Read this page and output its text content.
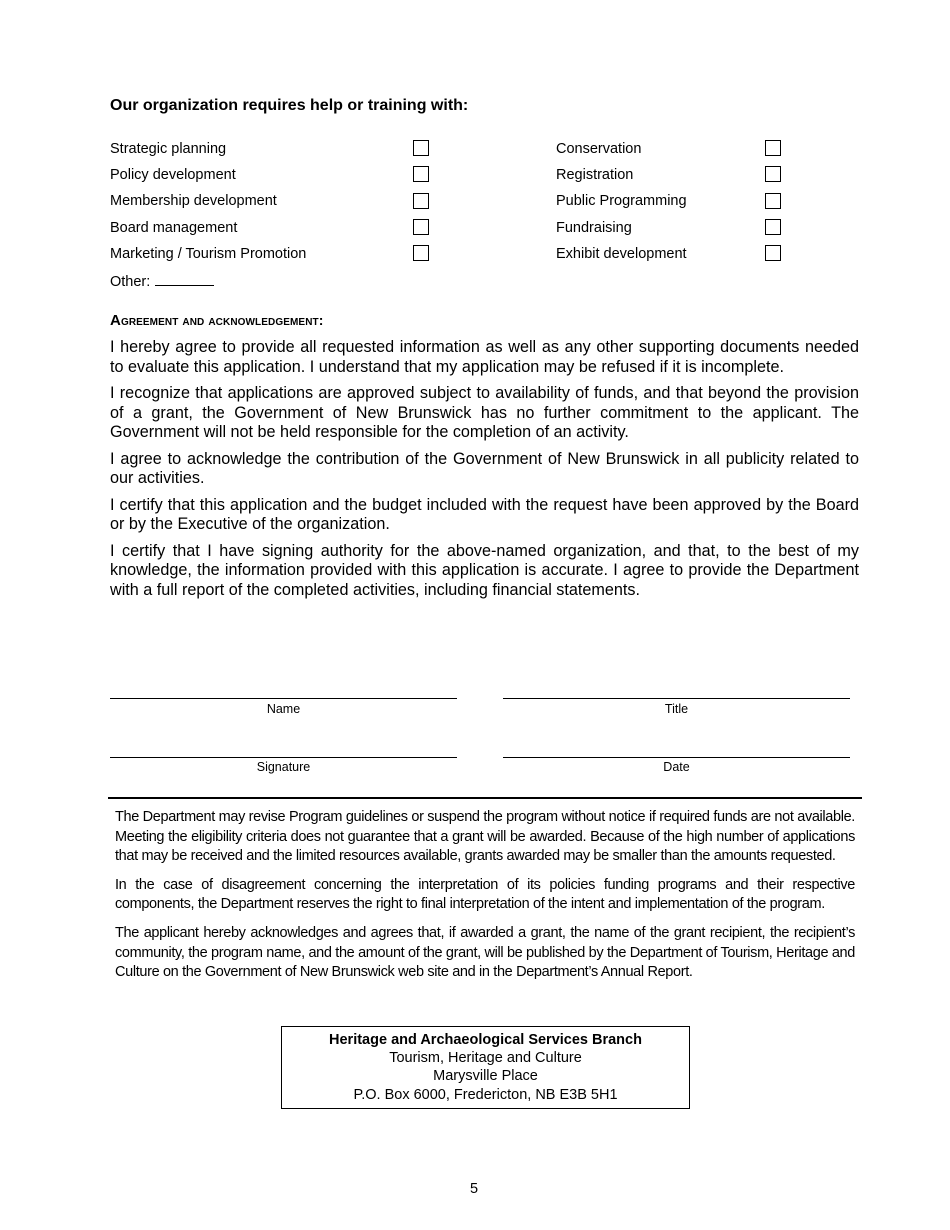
Our organization requires help or training with:
Strategic planning
Policy development
Membership development
Board management
Marketing / Tourism Promotion
Conservation
Registration
Public Programming
Fundraising
Exhibit development
Other:
Agreement and acknowledgement:

I hereby agree to provide all requested information as well as any other supporting documents needed to evaluate this application. I understand that my application may be refused if it is incomplete.

I recognize that applications are approved subject to availability of funds, and that beyond the provision of a grant, the Government of New Brunswick has no further commitment to the applicant. The Government will not be held responsible for the completion of an activity.

I agree to acknowledge the contribution of the Government of New Brunswick in all publicity related to our activities.

I certify that this application and the budget included with the request have been approved by the Board or by the Executive of the organization.

I certify that I have signing authority for the above-named organization, and that, to the best of my knowledge, the information provided with this application is accurate. I agree to provide the Department with a full report of the completed activities, including financial statements.

Name	Title
Signature	Date

The Department may revise Program guidelines or suspend the program without notice if required funds are not available. Meeting the eligibility criteria does not guarantee that a grant will be awarded. Because of the high number of applications that may be received and the limited resources available, grants awarded may be smaller than the amounts requested.

In the case of disagreement concerning the interpretation of its policies funding programs and their respective components, the Department reserves the right to final interpretation of the intent and implementation of the program.

The applicant hereby acknowledges and agrees that, if awarded a grant, the name of the grant recipient, the recipient’s community, the program name, and the amount of the grant, will be published by the Department of Tourism, Heritage and Culture on the Government of New Brunswick web site and in the Department’s Annual Report.

Heritage and Archaeological Services Branch
Tourism, Heritage and Culture
Marysville Place
P.O. Box 6000, Fredericton, NB E3B 5H1
5
